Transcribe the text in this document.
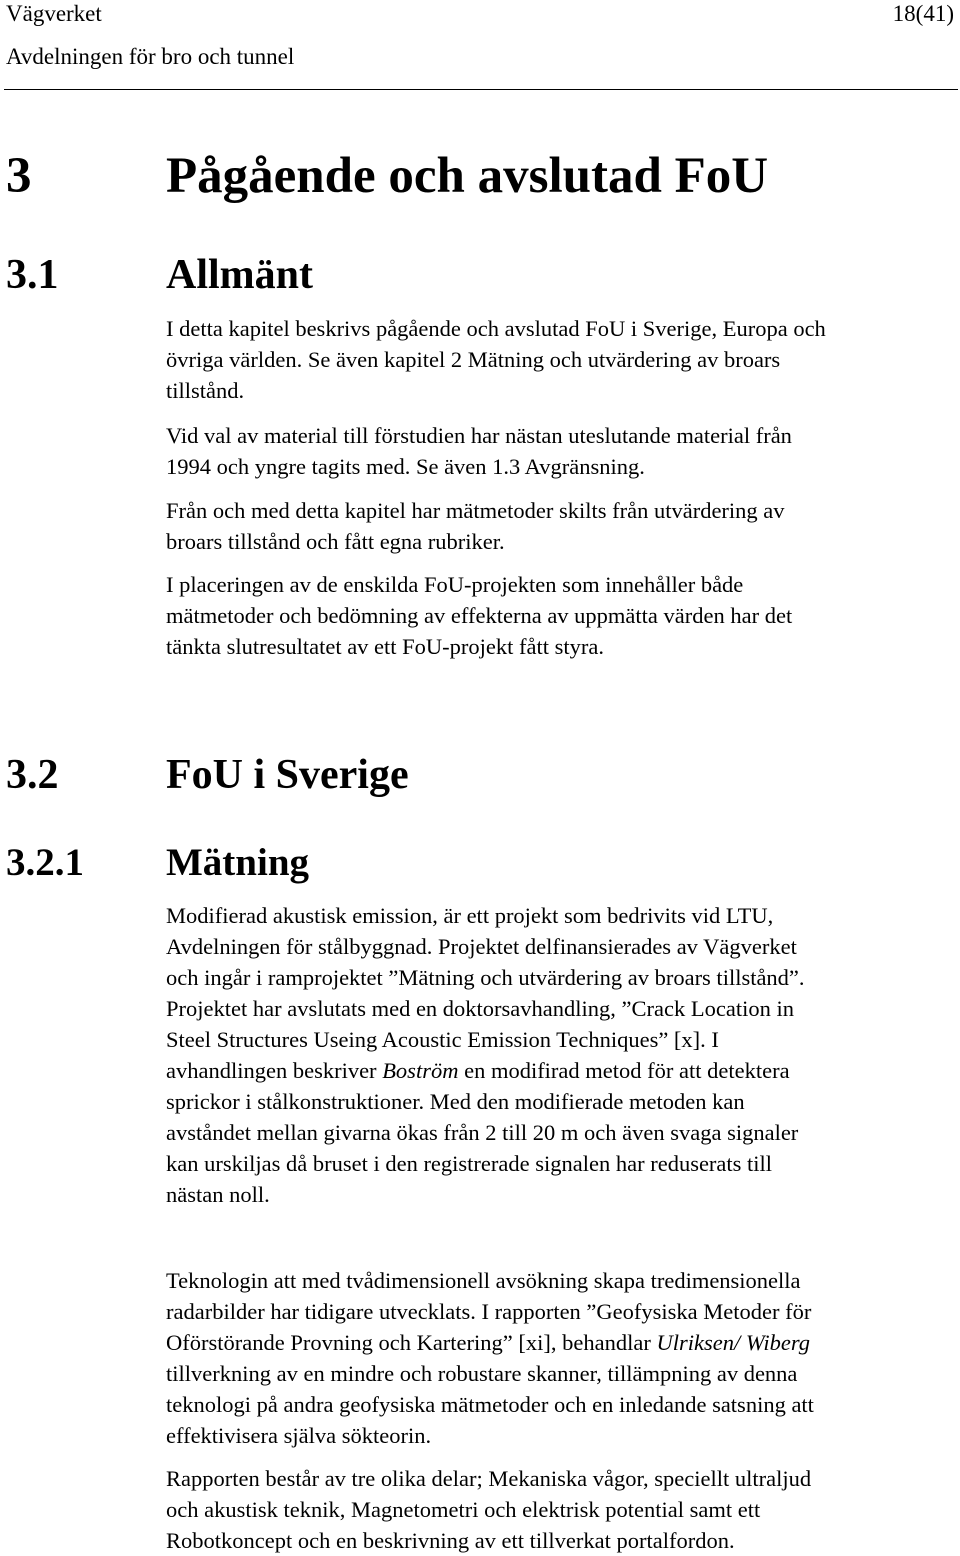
Vägverket	18(41)
Avdelningen för bro och tunnel
3	Pågående och avslutad FoU
3.1	Allmänt
I detta kapitel beskrivs pågående och avslutad FoU i Sverige, Europa och
övriga världen. Se även kapitel 2 Mätning och utvärdering av broars
tillstånd.
Vid val av material till förstudien har nästan uteslutande material från
1994 och yngre tagits med. Se även 1.3 Avgränsning.
Från och med detta kapitel har mätmetoder skilts från utvärdering av
broars tillstånd och fått egna rubriker.
I placeringen av de enskilda FoU-projekten som innehåller både
mätmetoder och bedömning av effekterna av uppmätta värden har det
tänkta slutresultatet av ett FoU-projekt fått styra.
3.2	FoU i Sverige
3.2.1 Mätning
Modifierad akustisk emission, är ett projekt som bedrivits vid LTU,
Avdelningen för stålbyggnad. Projektet delfinansierades av Vägverket
och ingår i ramprojektet ”Mätning och utvärdering av broars tillstånd”.
Projektet har avslutats med en doktorsavhandling, ”Crack Location in
Steel Structures Useing Acoustic Emission Techniques” [x]. I
avhandlingen beskriver Boström en modifirad metod för att detektera
sprickor i stålkonstruktioner. Med den modifierade metoden kan
avståndet mellan givarna ökas från 2 till 20 m och även svaga signaler
kan urskiljas då bruset i den registrerade signalen har reduserats till
nästan noll.
Teknologin att med tvådimensionell avsökning skapa tredimensionella
radarbilder har tidigare utvecklats. I rapporten ”Geofysiska Metoder för
Oförstörande Provning och Kartering” [xi], behandlar Ulriksen/ Wiberg
tillverkning av en mindre och robustare skanner, tillämpning av denna
teknologi på andra geofysiska mätmetoder och en inledande satsning att
effektivisera själva sökteorin.
Rapporten består av tre olika delar; Mekaniska vågor, speciellt ultraljud
och akustisk teknik, Magnetometri och elektrisk potential samt ett
Robotkoncept och en beskrivning av ett tillverkat portalfordon.
